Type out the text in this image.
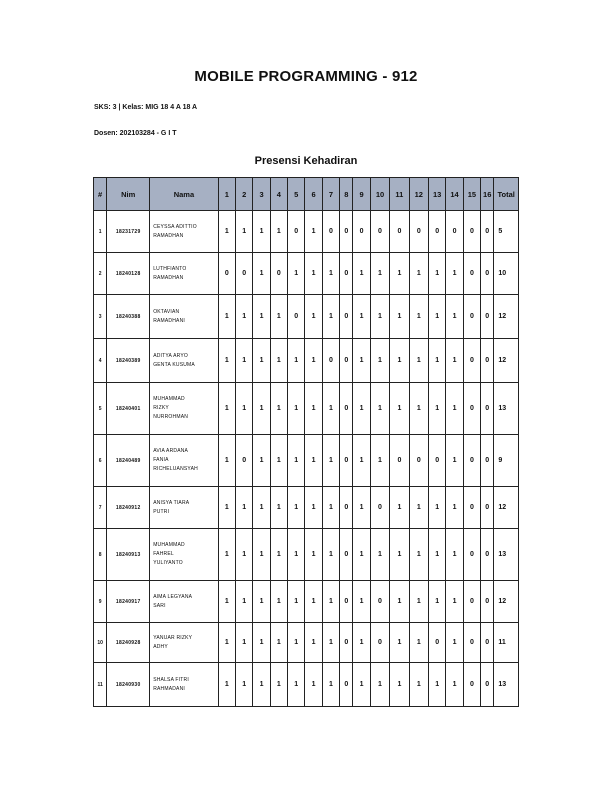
MOBILE PROGRAMMING - 912
SKS: 3 | Kelas: MIG 18 4 A 18 A
Dosen: 202103284 - G I T
Presensi Kehadiran
#	Nim	Nama	1	2	3	4	5	6	7	8	9	10	11	12	13	14	15	16	Total
1	18231729	CEYSSA ADITTIO
RAMADHAN	1	1	1	1	0	1	0	0	0	0	0	0	0	0	0	0	5
2	18240128	LUTHFIANTO
RAMADHAN	0	0	1	0	1	1	1	0	1	1	1	1	1	1	0	0	10
3	18240388	OKTAVIAN
RAMADHANI	1	1	1	1	0	1	1	0	1	1	1	1	1	1	0	0	12
4	18240389	ADITYA ARYO
GENTA KUSUMA	1	1	1	1	1	1	0	0	1	1	1	1	1	1	0	0	12
5	18240401	MUHAMMAD
RIZKY
NURROHMAN	1	1	1	1	1	1	1	0	1	1	1	1	1	1	0	0	13
6	18240489	AVIA ARDANA
FANIA
RICHELUANSYAH	1	0	1	1	1	1	1	0	1	1	0	0	0	1	0	0	9
7	18240912	ANISYA TIARA
PUTRI	1	1	1	1	1	1	1	0	1	0	1	1	1	1	0	0	12
8	18240913	MUHAMMAD
FAHREL
YULIYANTO	1	1	1	1	1	1	1	0	1	1	1	1	1	1	0	0	13
9	18240917	AIMA LEGYANA
SARI	1	1	1	1	1	1	1	0	1	0	1	1	1	1	0	0	12
10	18240928	YANUAR RIZKY
ADHY	1	1	1	1	1	1	1	0	1	0	1	1	0	1	0	0	11
11	18240930	SHALSA FITRI
RAHMADANI	1	1	1	1	1	1	1	0	1	1	1	1	1	1	0	0	13
